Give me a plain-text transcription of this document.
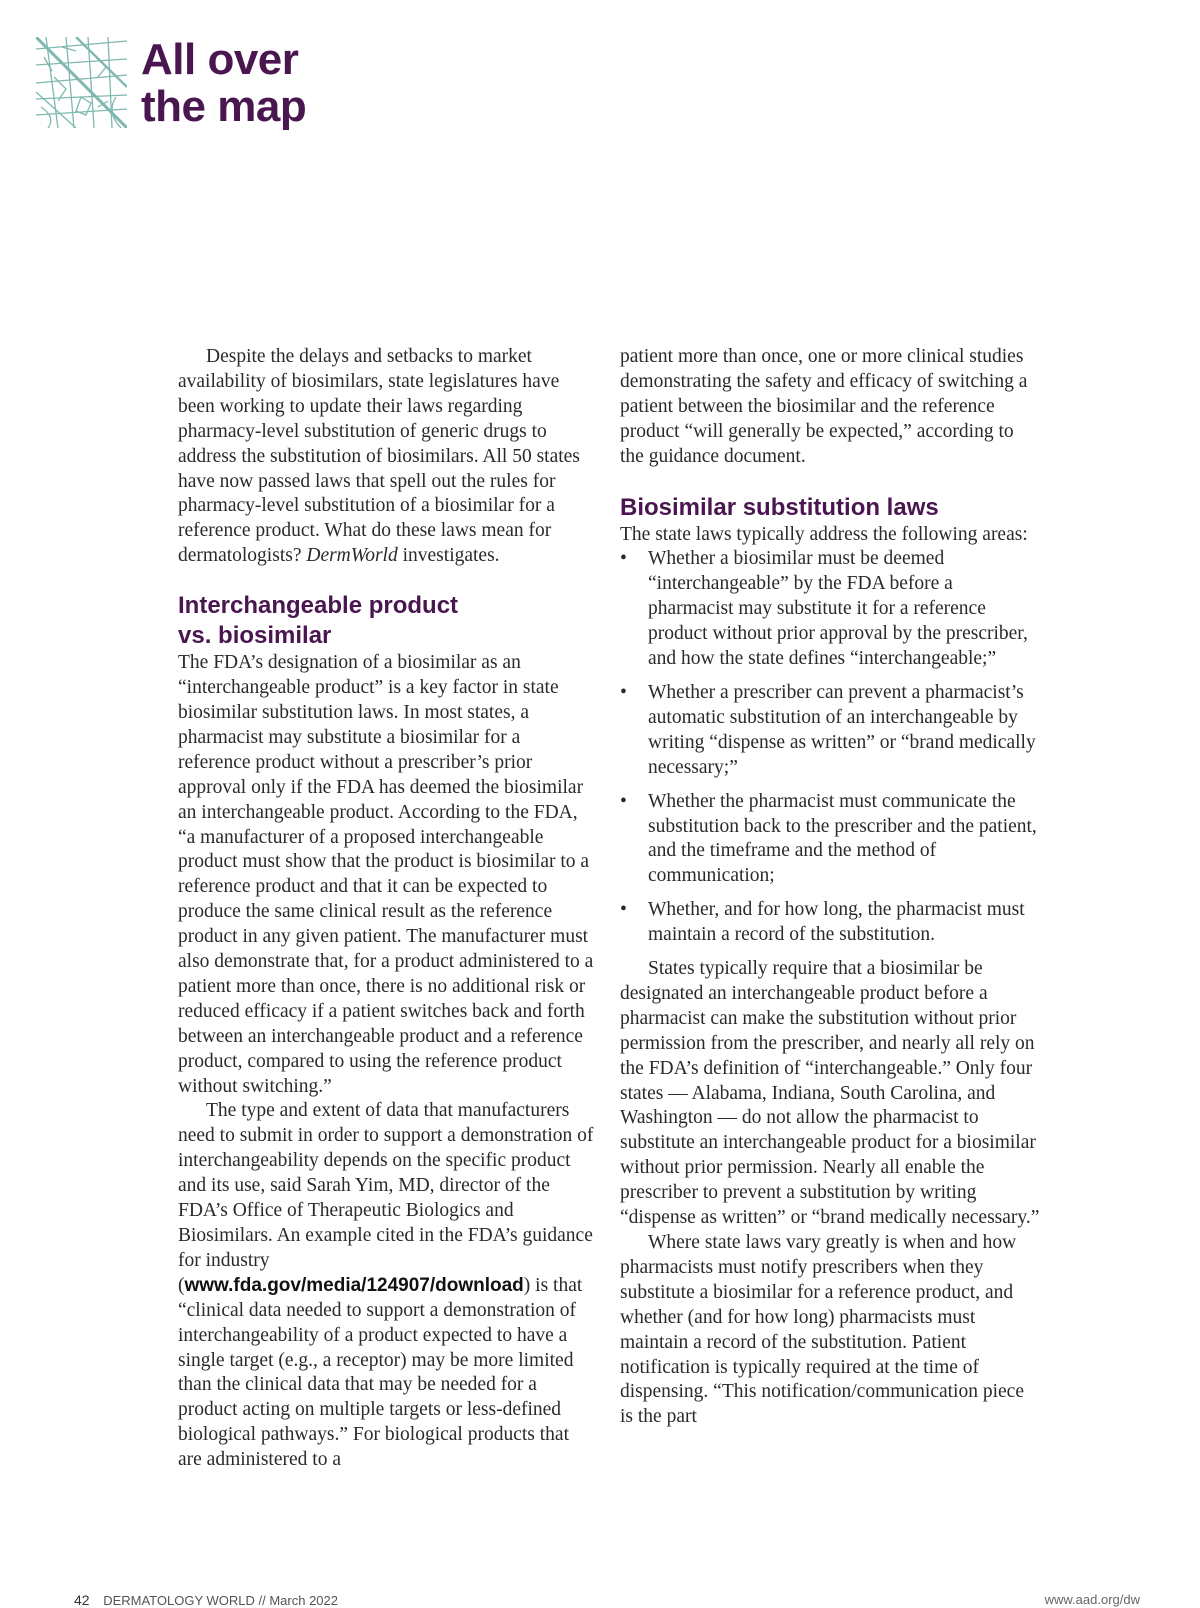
All over
the map

Despite the delays and setbacks to market availability of biosimilars, state legislatures have been working to update their laws regarding pharmacy-level substitution of generic drugs to address the substitution of biosimilars. All 50 states have now passed laws that spell out the rules for pharmacy-level substitution of a biosimilar for a reference product. What do these laws mean for dermatologists? DermWorld investigates.

Interchangeable product
vs. biosimilar

The FDA’s designation of a biosimilar as an “interchangeable product” is a key factor in state biosimilar substitution laws. In most states, a pharmacist may substitute a biosimilar for a reference product without a prescriber’s prior approval only if the FDA has deemed the biosimilar an interchangeable product. According to the FDA, “a manufacturer of a proposed interchangeable product must show that the product is biosimilar to a reference product and that it can be expected to produce the same clinical result as the reference product in any given patient. The manufacturer must also demonstrate that, for a product administered to a patient more than once, there is no additional risk or reduced efficacy if a patient switches back and forth between an interchangeable product and a reference product, compared to using the reference product without switching.”

The type and extent of data that manufacturers need to submit in order to support a demonstration of interchangeability depends on the specific product and its use, said Sarah Yim, MD, director of the FDA’s Office of Therapeutic Biologics and Biosimilars. An example cited in the FDA’s guidance for industry (www.fda.gov/media/124907/download) is that “clinical data needed to support a demonstration of interchangeability of a product expected to have a single target (e.g., a receptor) may be more limited than the clinical data that may be needed for a product acting on multiple targets or less-defined biological pathways.” For biological products that are administered to a

patient more than once, one or more clinical studies demonstrating the safety and efficacy of switching a patient between the biosimilar and the reference product “will generally be expected,” according to the guidance document.

Biosimilar substitution laws

The state laws typically address the following areas:

• Whether a biosimilar must be deemed “interchangeable” by the FDA before a pharmacist may substitute it for a reference product without prior approval by the prescriber, and how the state defines “interchangeable;”
• Whether a prescriber can prevent a pharmacist’s automatic substitution of an interchangeable by writing “dispense as written” or “brand medically necessary;”
• Whether the pharmacist must communicate the substitution back to the prescriber and the patient, and the timeframe and the method of communication;
• Whether, and for how long, the pharmacist must maintain a record of the substitution.

States typically require that a biosimilar be designated an interchangeable product before a pharmacist can make the substitution without prior permission from the prescriber, and nearly all rely on the FDA’s definition of “interchangeable.” Only four states — Alabama, Indiana, South Carolina, and Washington — do not allow the pharmacist to substitute an interchangeable product for a biosimilar without prior permission. Nearly all enable the prescriber to prevent a substitution by writing “dispense as written” or “brand medically necessary.”

Where state laws vary greatly is when and how pharmacists must notify prescribers when they substitute a biosimilar for a reference product, and whether (and for how long) pharmacists must maintain a record of the substitution. Patient notification is typically required at the time of dispensing. “This notification/communication piece is the part

42 DERMATOLOGY WORLD // March 2022	www.aad.org/dw
